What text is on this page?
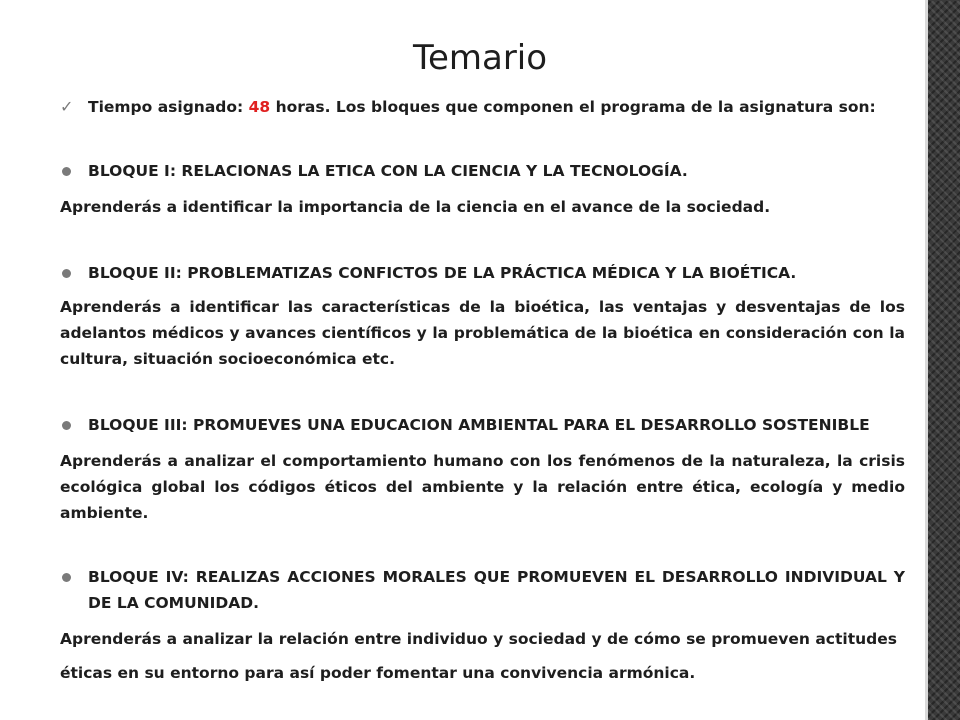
Temario
✓ Tiempo asignado: 48 horas. Los bloques que componen el programa de la asignatura son:
BLOQUE I: RELACIONAS LA ETICA CON LA CIENCIA Y LA TECNOLOGÍA.
Aprenderás a identificar la importancia de la ciencia en el avance de la sociedad.
BLOQUE II: PROBLEMATIZAS CONFICTOS DE LA PRÁCTICA MÉDICA Y LA BIOÉTICA.
Aprenderás a identificar las características de la bioética, las ventajas y desventajas de los adelantos médicos y avances científicos y la problemática de la bioética en consideración con la cultura, situación socioeconómica etc.
BLOQUE III: PROMUEVES UNA EDUCACION AMBIENTAL PARA EL DESARROLLO SOSTENIBLE
Aprenderás a analizar el comportamiento humano con los fenómenos de la naturaleza, la crisis ecológica global los códigos éticos del ambiente y la relación entre ética, ecología y medio ambiente.
BLOQUE IV: REALIZAS ACCIONES MORALES QUE PROMUEVEN EL DESARROLLO INDIVIDUAL Y DE LA COMUNIDAD.
Aprenderás a analizar la relación entre individuo y sociedad y de cómo se promueven actitudes
éticas en su entorno para así poder fomentar una convivencia armónica.
